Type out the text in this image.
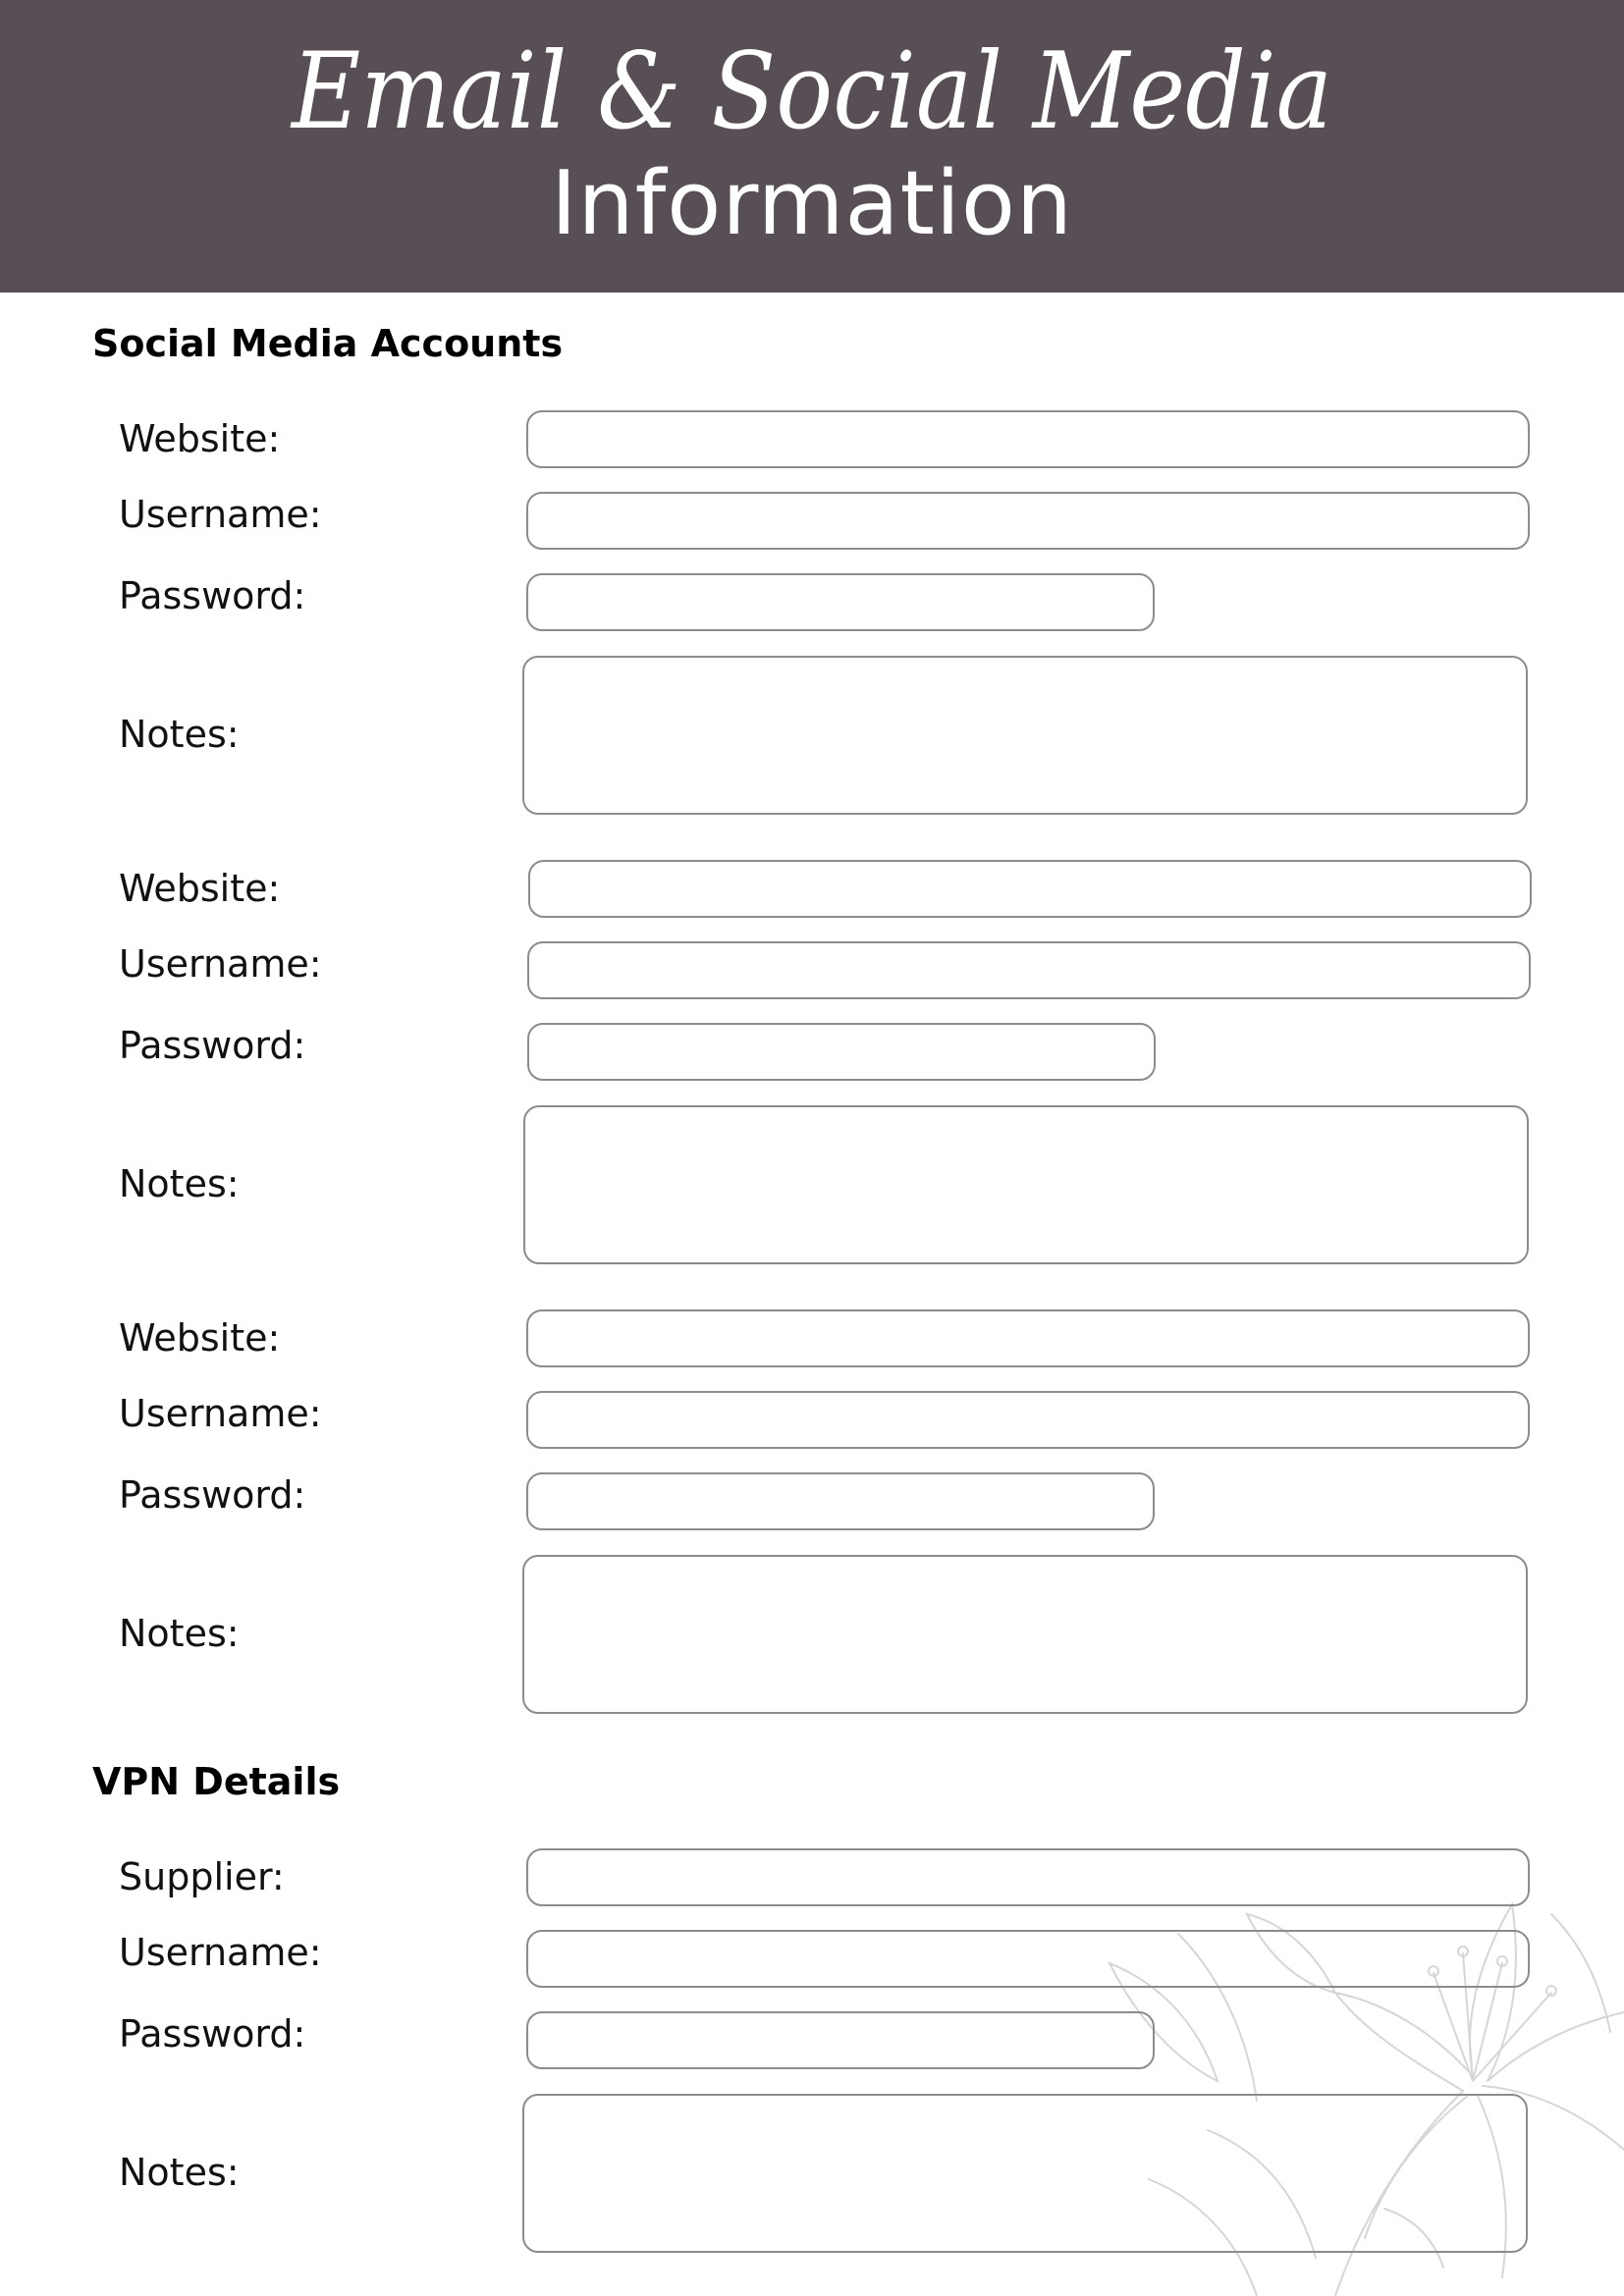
Email & Social Media
Information
Social Media Accounts
Website:
Username:
Password:
Notes:
Website:
Username:
Password:
Notes:
Website:
Username:
Password:
Notes:
VPN Details
Supplier:
Username:
Password:
Notes:
